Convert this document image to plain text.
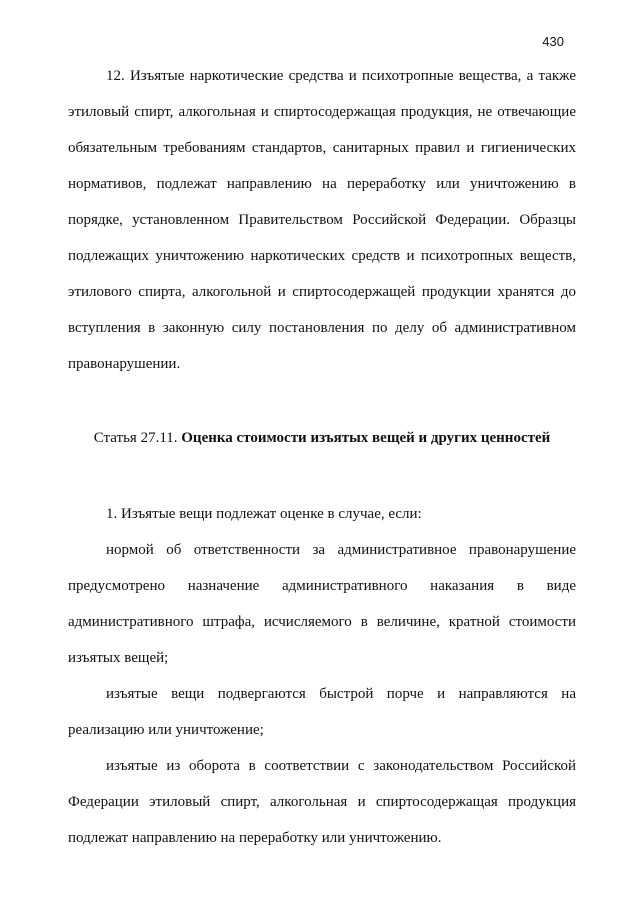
430

12. Изъятые наркотические средства и психотропные вещества, а также этиловый спирт, алкогольная и спиртосодержащая продукция, не отвечающие обязательным требованиям стандартов, санитарных правил и гигиенических нормативов, подлежат направлению на переработку или уничтожению в порядке, установленном Правительством Российской Федерации. Образцы подлежащих уничтожению наркотических средств и психотропных веществ, этилового спирта, алкогольной и спиртосодержащей продукции хранятся до вступления в законную силу постановления по делу об административном правонарушении.

Статья 27.11. Оценка стоимости изъятых вещей и других ценностей

1. Изъятые вещи подлежат оценке в случае, если:

нормой об ответственности за административное правонарушение предусмотрено назначение административного наказания в виде административного штрафа, исчисляемого в величине, кратной стоимости изъятых вещей;

изъятые вещи подвергаются быстрой порче и направляются на реализацию или уничтожение;

изъятые из оборота в соответствии с законодательством Российской Федерации этиловый спирт, алкогольная и спиртосодержащая продукция подлежат направлению на переработку или уничтожению.
